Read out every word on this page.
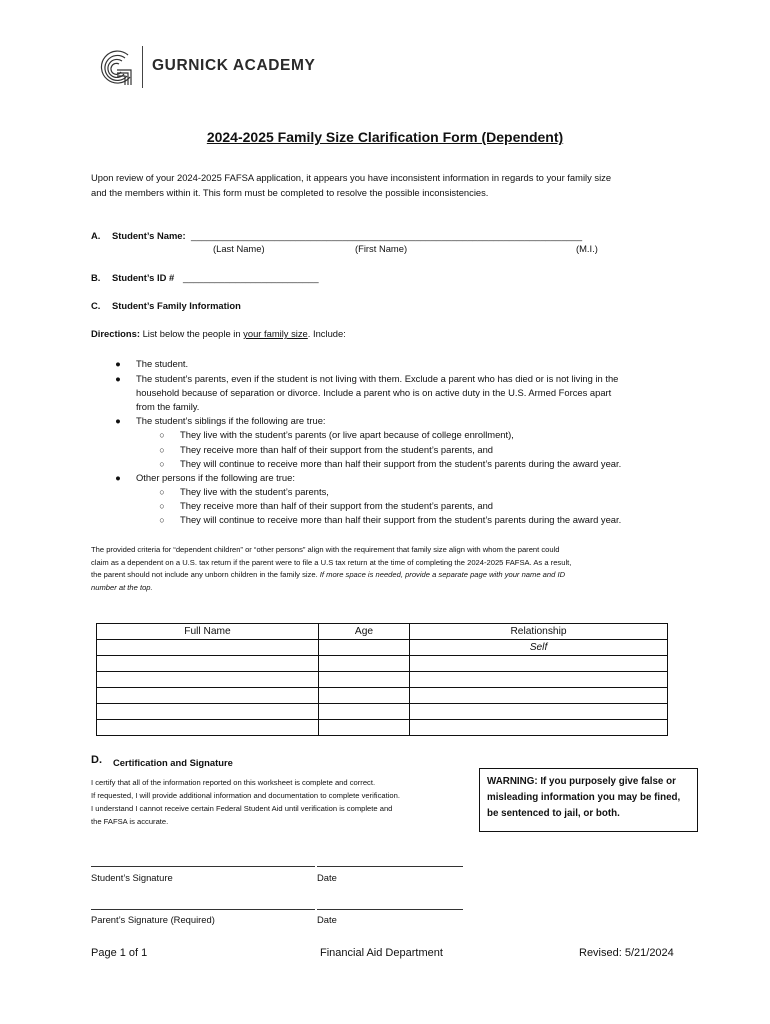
GURNICK ACADEMY
2024-2025 Family Size Clarification Form (Dependent)
Upon review of your 2024-2025 FAFSA application, it appears you have inconsistent information in regards to your family size
and the members within it. This form must be completed to resolve the possible inconsistencies.
A. Student’s Name: ___________________________________________________________________________
(Last Name)	(First Name)	(M.I.)
B. Student’s ID # __________________________
C. Student’s Family Information
Directions: List below the people in your family size. Include:
● The student.
● The student’s parents, even if the student is not living with them. Exclude a parent who has died or is not living in the
household because of separation or divorce. Include a parent who is on active duty in the U.S. Armed Forces apart
from the family.
● The student’s siblings if the following are true:
○ They live with the student’s parents (or live apart because of college enrollment),
○ They receive more than half of their support from the student’s parents, and
○ They will continue to receive more than half their support from the student’s parents during the award year.
● Other persons if the following are true:
○ They live with the student’s parents,
○ They receive more than half of their support from the student’s parents, and
○ They will continue to receive more than half their support from the student’s parents during the award year.
The provided criteria for “dependent children” or “other persons” align with the requirement that family size align with whom the parent could
claim as a dependent on a U.S. tax return if the parent were to file a U.S tax return at the time of completing the 2024-2025 FAFSA. As a result,
the parent should not include any unborn children in the family size. If more space is needed, provide a separate page with your name and ID
number at the top.
Full Name	Age	Relationship
		Self

D. Certification and Signature
I certify that all of the information reported on this worksheet is complete and correct.
If requested, I will provide additional information and documentation to complete verification.
I understand I cannot receive certain Federal Student Aid until verification is complete and
the FAFSA is accurate.
WARNING: If you purposely give false or
misleading information you may be fined,
be sentenced to jail, or both.
Student’s Signature	Date
Parent’s Signature (Required)	Date
Page 1 of 1	Financial Aid Department	Revised: 5/21/2024
